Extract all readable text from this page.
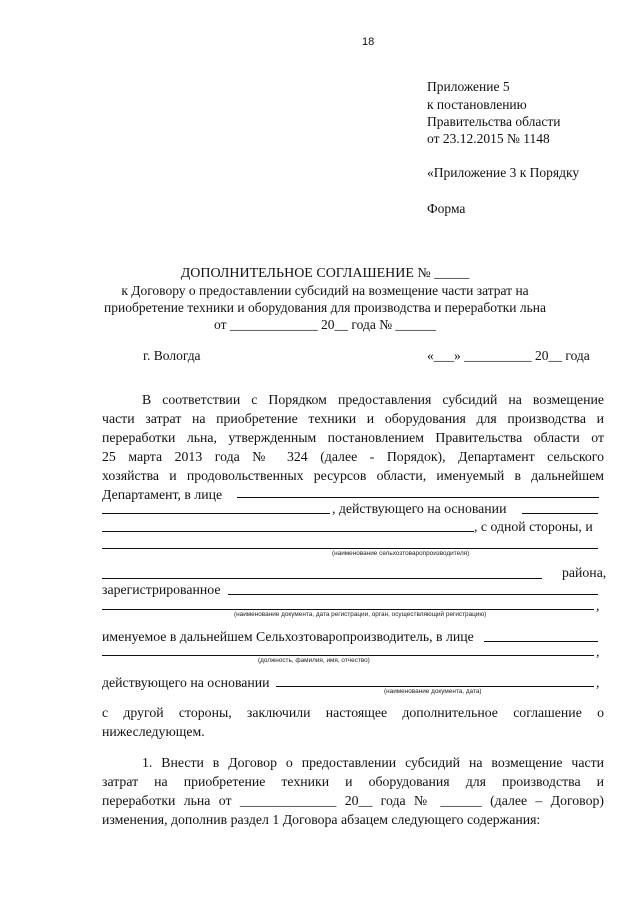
18
Приложение 5
к постановлению
Правительства области
от 23.12.2015 № 1148
«Приложение 3 к Порядку
Форма
ДОПОЛНИТЕЛЬНОЕ СОГЛАШЕНИЕ № _____
к Договору о предоставлении субсидий на возмещение части затрат на
приобретение техники и оборудования для производства и переработки льна
от _____________ 20__ года № ______
г. Вологда	«___» __________ 20__ года
В соответствии с Порядком предоставления субсидий на возмещение
части затрат на приобретение техники и оборудования для производства и
переработки льна, утвержденным постановлением Правительства области от
25 марта 2013 года № 324 (далее - Порядок), Департамент сельского
хозяйства и продовольственных ресурсов области, именуемый в дальнейшем
Департамент, в лице
, действующего на основании
, с одной стороны, и
(наименование сельхозтоваропроизводителя)
района,
зарегистрированное
,
(наименование документа, дата регистрации, орган, осуществляющий регистрацию)
именуемое в дальнейшем Сельхозтоваропроизводитель, в лице
,
(должность, фамилия, имя, отчество)
действующего на основании	,
(наименование документа, дата)
с другой стороны, заключили настоящее дополнительное соглашение о
нижеследующем.
1. Внести в Договор о предоставлении субсидий на возмещение части
затрат на приобретение техники и оборудования для производства и
переработки льна от ______________ 20__ года № ______ (далее – Договор)
изменения, дополнив раздел 1 Договора абзацем следующего содержания:
